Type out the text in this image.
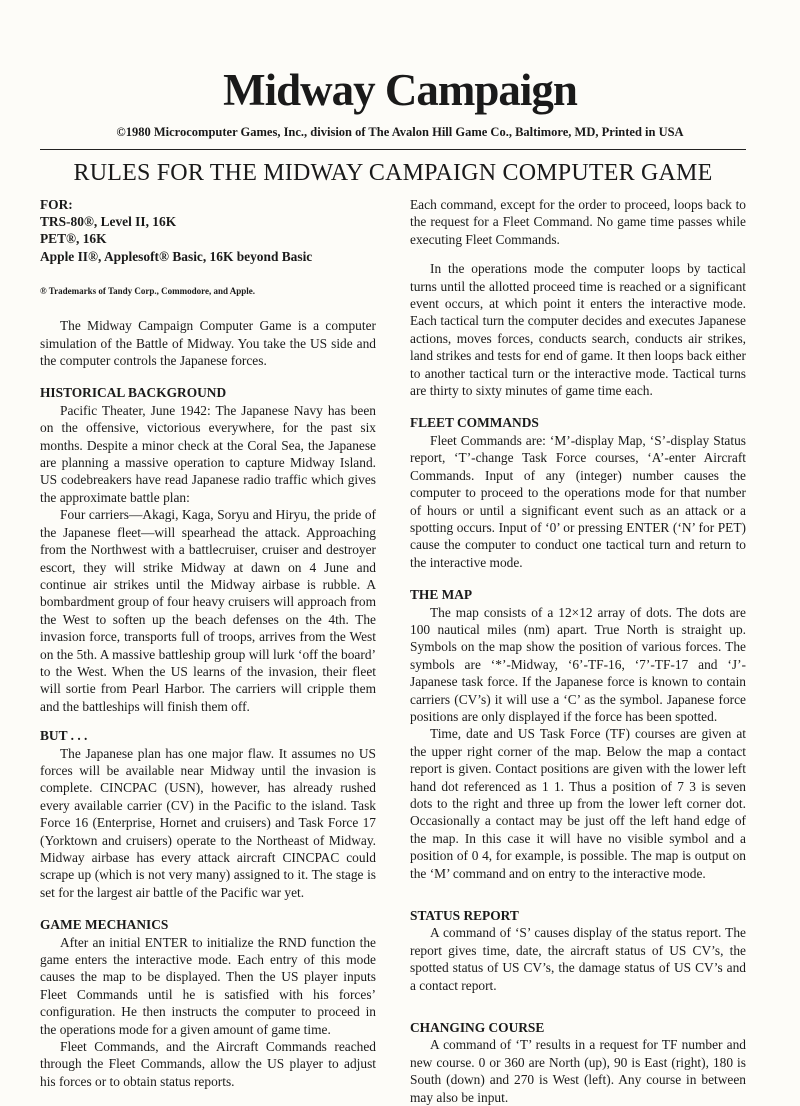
Midway Campaign
©1980 Microcomputer Games, Inc., division of The Avalon Hill Game Co., Baltimore, MD, Printed in USA
RULES FOR THE MIDWAY CAMPAIGN COMPUTER GAME
FOR:
TRS-80®, Level II, 16K
PET®, 16K
Apple II®, Applesoft® Basic, 16K beyond Basic
® Trademarks of Tandy Corp., Commodore, and Apple.

The Midway Campaign Computer Game is a computer simulation of the Battle of Midway. You take the US side and the computer controls the Japanese forces.

HISTORICAL BACKGROUND

Pacific Theater, June 1942: The Japanese Navy has been on the offensive, victorious everywhere, for the past six months. Despite a minor check at the Coral Sea, the Japanese are planning a massive operation to capture Midway Island. US codebreakers have read Japanese radio traffic which gives the approximate battle plan:

Four carriers—Akagi, Kaga, Soryu and Hiryu, the pride of the Japanese fleet—will spearhead the attack. Approaching from the Northwest with a battlecruiser, cruiser and destroyer escort, they will strike Midway at dawn on 4 June and continue air strikes until the Midway airbase is rubble. A bombardment group of four heavy cruisers will approach from the West to soften up the beach defenses on the 4th. The invasion force, transports full of troops, arrives from the West on the 5th. A massive battleship group will lurk ‘off the board’ to the West. When the US learns of the invasion, their fleet will sortie from Pearl Harbor. The carriers will cripple them and the battleships will finish them off.

BUT . . .

The Japanese plan has one major flaw. It assumes no US forces will be available near Midway until the invasion is complete. CINCPAC (USN), however, has already rushed every available carrier (CV) in the Pacific to the island. Task Force 16 (Enterprise, Hornet and cruisers) and Task Force 17 (Yorktown and cruisers) operate to the Northeast of Midway. Midway airbase has every attack aircraft CINCPAC could scrape up (which is not very many) assigned to it. The stage is set for the largest air battle of the Pacific war yet.

GAME MECHANICS

After an initial ENTER to initialize the RND function the game enters the interactive mode. Each entry of this mode causes the map to be displayed. Then the US player inputs Fleet Commands until he is satisfied with his forces’ configuration. He then instructs the computer to proceed in the operations mode for a given amount of game time.

Fleet Commands, and the Aircraft Commands reached through the Fleet Commands, allow the US player to adjust his forces or to obtain status reports.

Each command, except for the order to proceed, loops back to the request for a Fleet Command. No game time passes while executing Fleet Commands.

In the operations mode the computer loops by tactical turns until the allotted proceed time is reached or a significant event occurs, at which point it enters the interactive mode. Each tactical turn the computer decides and executes Japanese actions, moves forces, conducts search, conducts air strikes, land strikes and tests for end of game. It then loops back either to another tactical turn or the interactive mode. Tactical turns are thirty to sixty minutes of game time each.

FLEET COMMANDS

Fleet Commands are: ‘M’-display Map, ‘S’-display Status report, ‘T’-change Task Force courses, ‘A’-enter Aircraft Commands. Input of any (integer) number causes the computer to proceed to the operations mode for that number of hours or until a significant event such as an attack or a spotting occurs. Input of ‘0’ or pressing ENTER (‘N’ for PET) cause the computer to conduct one tactical turn and return to the interactive mode.

THE MAP

The map consists of a 12×12 array of dots. The dots are 100 nautical miles (nm) apart. True North is straight up. Symbols on the map show the position of various forces. The symbols are ‘*’-Midway, ‘6’-TF-16, ‘7’-TF-17 and ‘J’-Japanese task force. If the Japanese force is known to contain carriers (CV’s) it will use a ‘C’ as the symbol. Japanese force positions are only displayed if the force has been spotted.

Time, date and US Task Force (TF) courses are given at the upper right corner of the map. Below the map a contact report is given. Contact positions are given with the lower left hand dot referenced as 1 1. Thus a position of 7 3 is seven dots to the right and three up from the lower left corner dot. Occasionally a contact may be just off the left hand edge of the map. In this case it will have no visible symbol and a position of 0 4, for example, is possible. The map is output on the ‘M’ command and on entry to the interactive mode.

STATUS REPORT

A command of ‘S’ causes display of the status report. The report gives time, date, the aircraft status of US CV’s, the spotted status of US CV’s, the damage status of US CV’s and a contact report.

CHANGING COURSE

A command of ‘T’ results in a request for TF number and new course. 0 or 360 are North (up), 90 is East (right), 180 is South (down) and 270 is West (left). Any course in between may also be input.
